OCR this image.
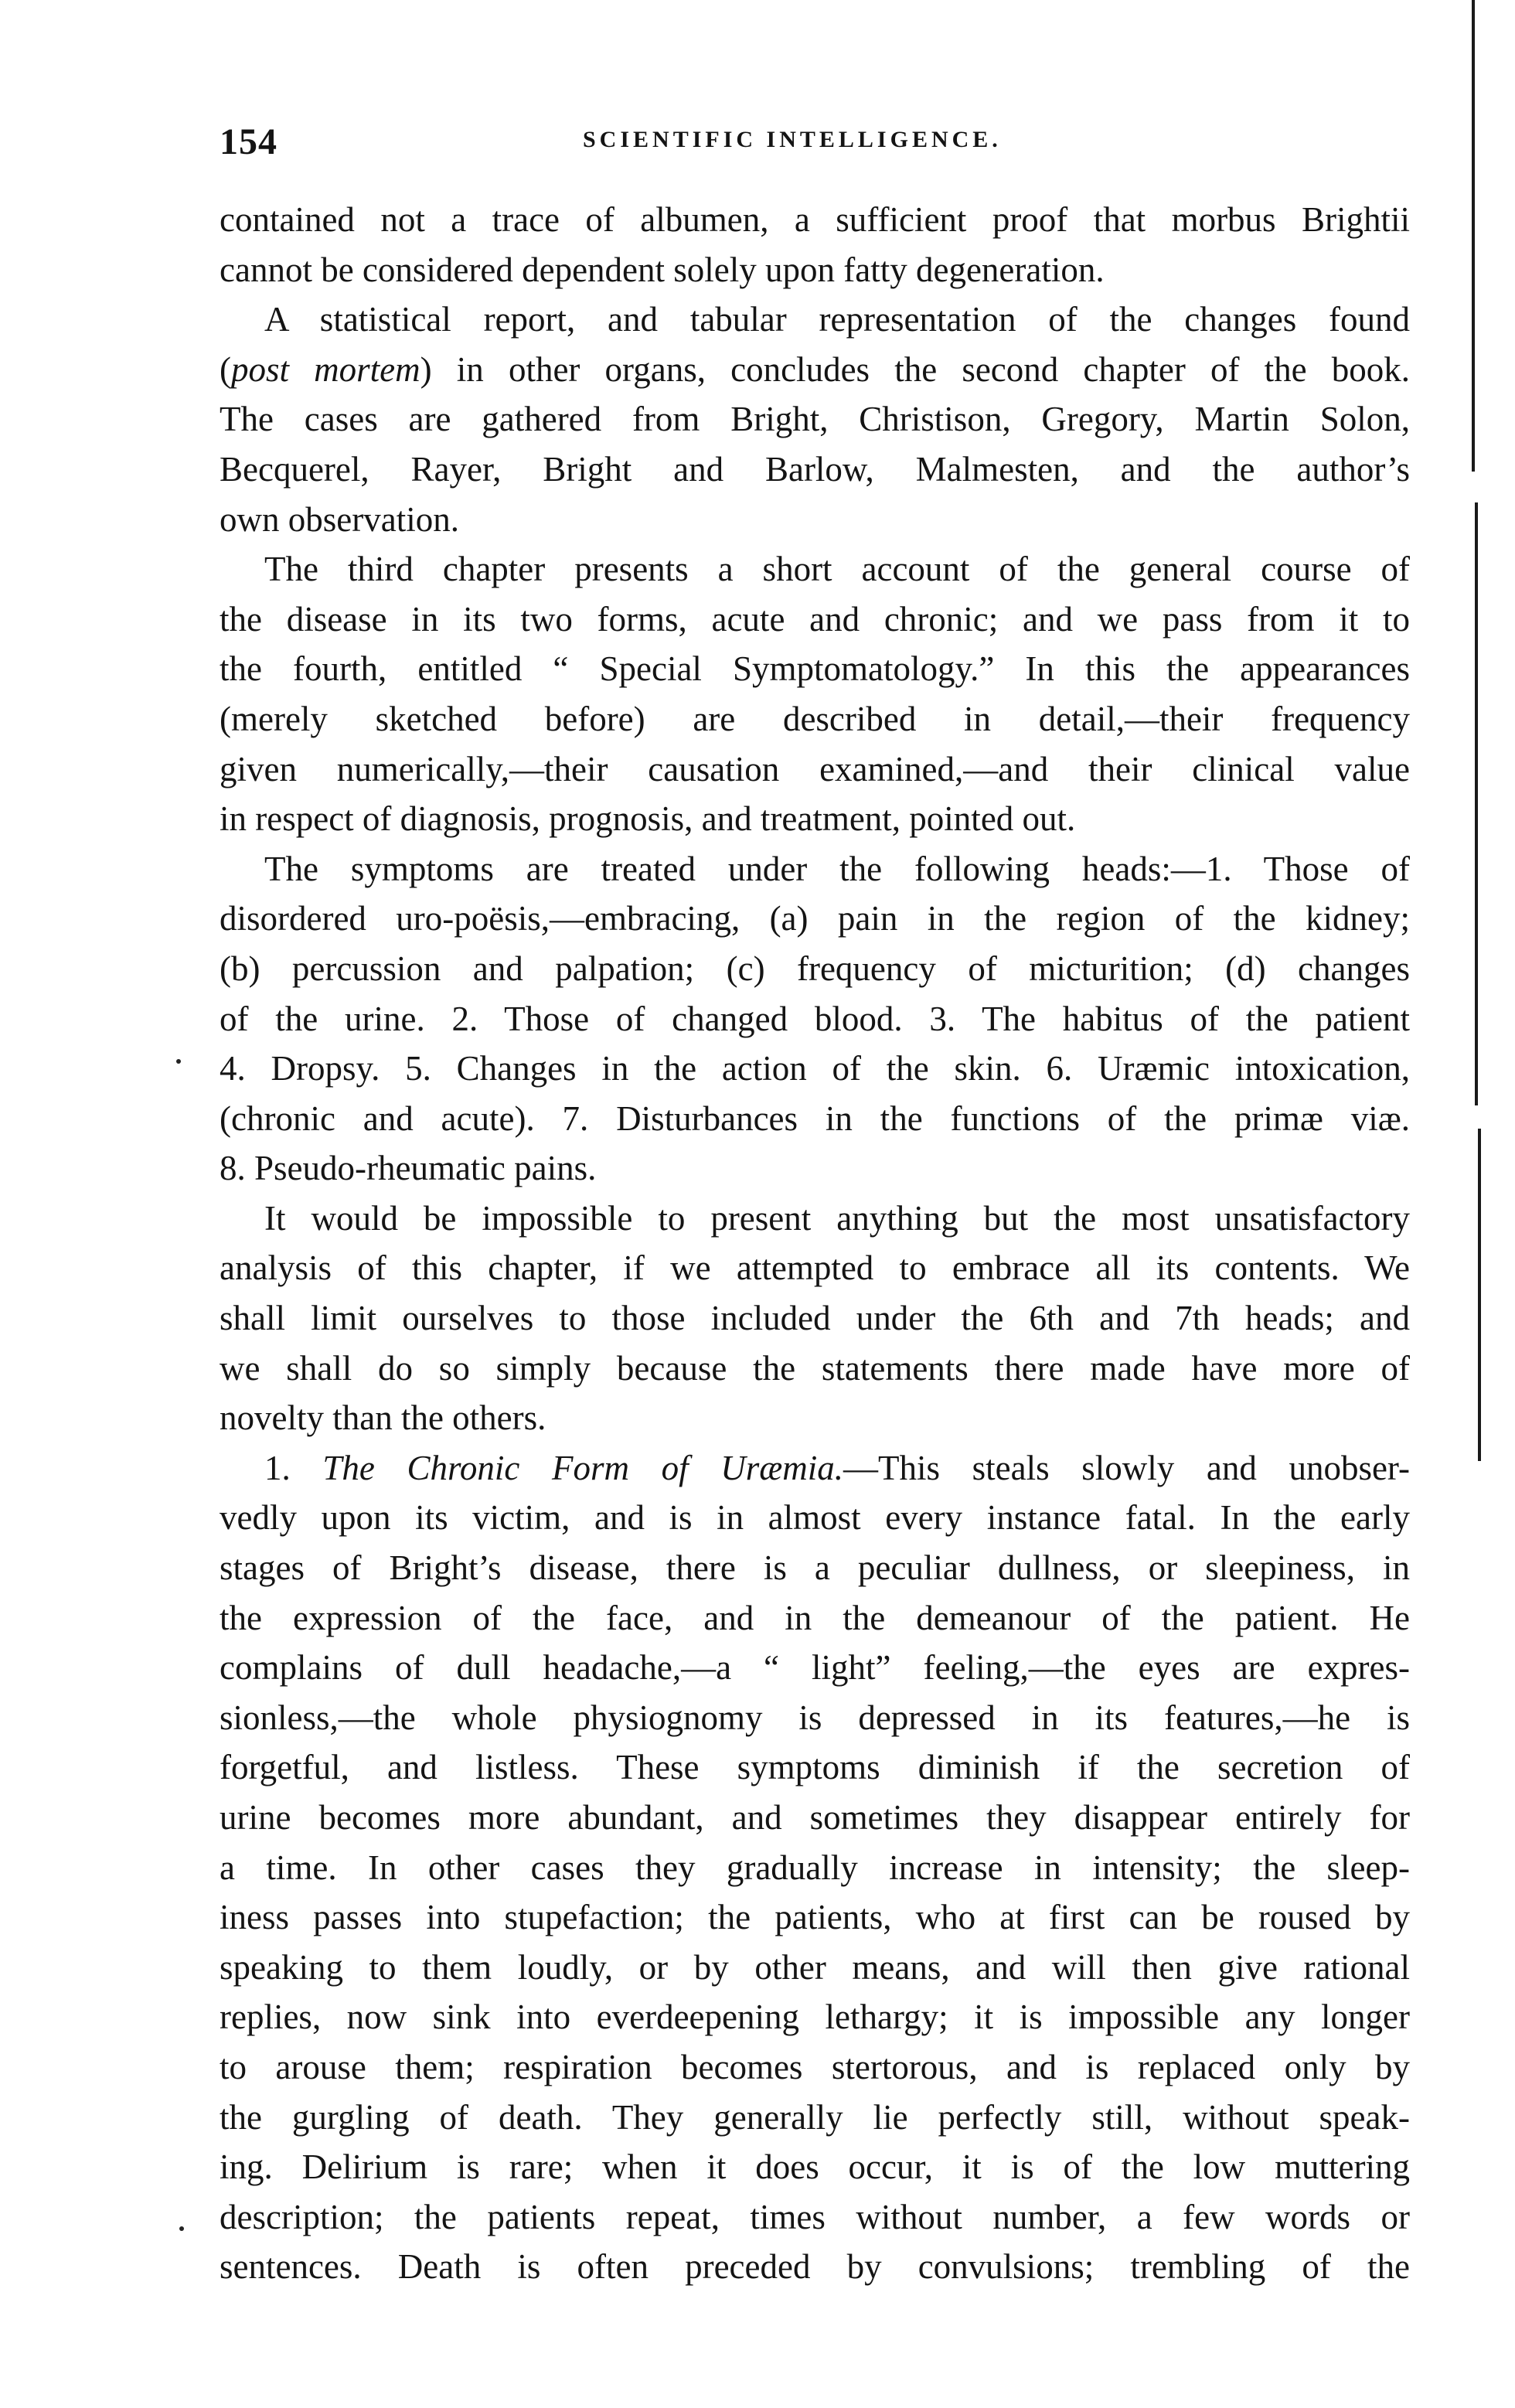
154	SCIENTIFIC INTELLIGENCE.
contained not a trace of albumen, a sufficient proof that morbus Brightii
cannot be considered dependent solely upon fatty degeneration.
A statistical report, and tabular representation of the changes found
(post mortem) in other organs, concludes the second chapter of the book.
The cases are gathered from Bright, Christison, Gregory, Martin Solon,
Becquerel, Rayer, Bright and Barlow, Malmesten, and the author’s
own observation.
The third chapter presents a short account of the general course of
the disease in its two forms, acute and chronic; and we pass from it to
the fourth, entitled “ Special Symptomatology.” In this the appearances
(merely sketched before) are described in detail,—their frequency
given numerically,—their causation examined,—and their clinical value
in respect of diagnosis, prognosis, and treatment, pointed out.
The symptoms are treated under the following heads:—1. Those of
disordered uro-poësis,—embracing, (a) pain in the region of the kidney;
(b) percussion and palpation; (c) frequency of micturition; (d) changes
of the urine. 2. Those of changed blood. 3. The habitus of the patient
4. Dropsy. 5. Changes in the action of the skin. 6. Uræmic intoxication,
(chronic and acute). 7. Disturbances in the functions of the primæ viæ.
8. Pseudo-rheumatic pains.
It would be impossible to present anything but the most unsatisfactory
analysis of this chapter, if we attempted to embrace all its contents. We
shall limit ourselves to those included under the 6th and 7th heads; and
we shall do so simply because the statements there made have more of
novelty than the others.
1. The Chronic Form of Uræmia.—This steals slowly and unobser-
vedly upon its victim, and is in almost every instance fatal. In the early
stages of Bright’s disease, there is a peculiar dullness, or sleepiness, in
the expression of the face, and in the demeanour of the patient. He
complains of dull headache,—a “ light” feeling,—the eyes are expres-
sionless,—the whole physiognomy is depressed in its features,—he is
forgetful, and listless. These symptoms diminish if the secretion of
urine becomes more abundant, and sometimes they disappear entirely for
a time. In other cases they gradually increase in intensity; the sleep-
iness passes into stupefaction; the patients, who at first can be roused by
speaking to them loudly, or by other means, and will then give rational
replies, now sink into everdeepening lethargy; it is impossible any longer
to arouse them; respiration becomes stertorous, and is replaced only by
the gurgling of death. They generally lie perfectly still, without speak-
ing. Delirium is rare; when it does occur, it is of the low muttering
description; the patients repeat, times without number, a few words or
sentences. Death is often preceded by convulsions; trembling of the
